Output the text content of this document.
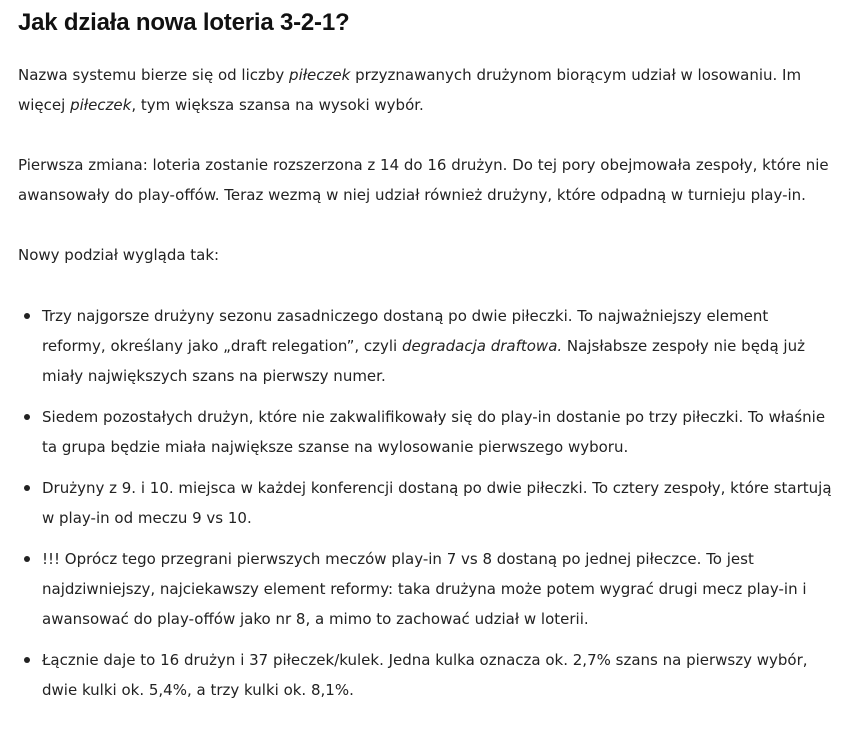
Jak działa nowa loteria 3-2-1?

Nazwa systemu bierze się od liczby piłeczek przyznawanych drużynom biorącym udział w losowaniu. Im więcej piłeczek, tym większa szansa na wysoki wybór.

Pierwsza zmiana: loteria zostanie rozszerzona z 14 do 16 drużyn. Do tej pory obejmowała zespoły, które nie awansowały do play-offów. Teraz wezmą w niej udział również drużyny, które odpadną w turnieju play-in.

Nowy podział wygląda tak:

Trzy najgorsze drużyny sezonu zasadniczego dostaną po dwie piłeczki. To najważniejszy element reformy, określany jako „draft relegation”, czyli degradacja draftowa. Najsłabsze zespoły nie będą już miały największych szans na pierwszy numer.
Siedem pozostałych drużyn, które nie zakwalifikowały się do play-in dostanie po trzy piłeczki. To właśnie ta grupa będzie miała największe szanse na wylosowanie pierwszego wyboru.
Drużyny z 9. i 10. miejsca w każdej konferencji dostaną po dwie piłeczki. To cztery zespoły, które startują w play-in od meczu 9 vs 10.
!!! Oprócz tego przegrani pierwszych meczów play-in 7 vs 8 dostaną po jednej piłeczce. To jest najdziwniejszy, najciekawszy element reformy: taka drużyna może potem wygrać drugi mecz play-in i awansować do play-offów jako nr 8, a mimo to zachować udział w loterii.
Łącznie daje to 16 drużyn i 37 piłeczek/kulek. Jedna kulka oznacza ok. 2,7% szans na pierwszy wybór, dwie kulki ok. 5,4%, a trzy kulki ok. 8,1%.
